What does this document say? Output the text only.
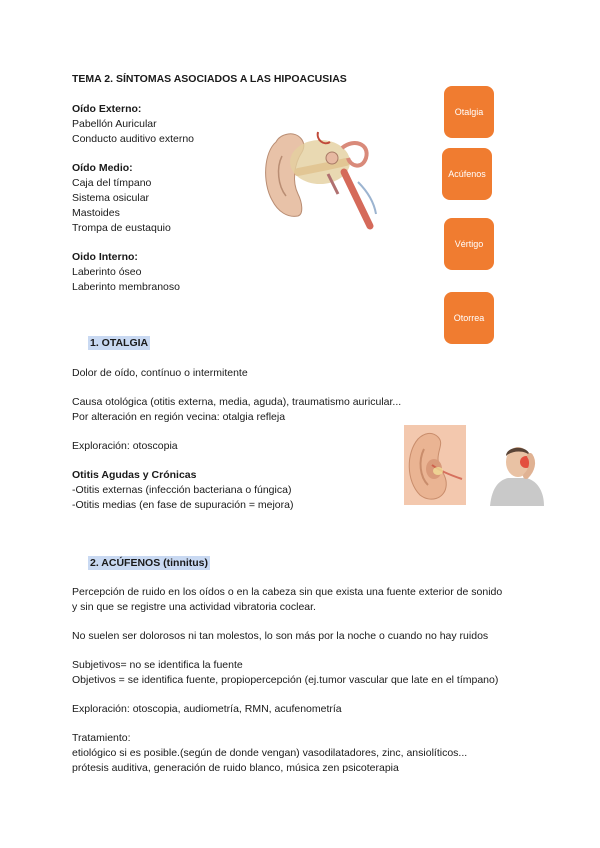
TEMA 2. SÍNTOMAS ASOCIADOS A LAS HIPOACUSIAS
Oído Externo:
Pabellón Auricular
Conducto auditivo externo
Oído Medio:
Caja del tímpano
Sistema osicular
Mastoides
Trompa de eustaquio
Oido Interno:
Laberinto óseo
Laberinto membranoso
Otalgia
Acúfenos
Vértigo
Otorrea
1. OTALGIA
Dolor de oído, contínuo o intermitente
Causa otológica (otitis externa, media, aguda), traumatismo auricular...
Por alteración en región vecina: otalgia refleja
Exploración: otoscopia
Otitis Agudas y Crónicas
-Otitis externas (infección bacteriana o fúngica)
-Otitis medias (en fase de supuración = mejora)
2. ACÚFENOS (tinnitus)
Percepción de ruido en los oídos o en la cabeza sin que exista una fuente exterior de sonido
y sin que se registre una actividad vibratoria coclear.
No suelen ser dolorosos ni tan molestos, lo son más por la noche o cuando no hay ruidos
Subjetivos= no se identifica la fuente
Objetivos = se identifica fuente, propiopercepción (ej.tumor vascular que late en el tímpano)
Exploración: otoscopia, audiometría, RMN, acufenometría
Tratamiento:
etiológico si es posible.(según de donde vengan) vasodilatadores, zinc, ansiolíticos...
prótesis auditiva, generación de ruido blanco, música zen psicoterapia
